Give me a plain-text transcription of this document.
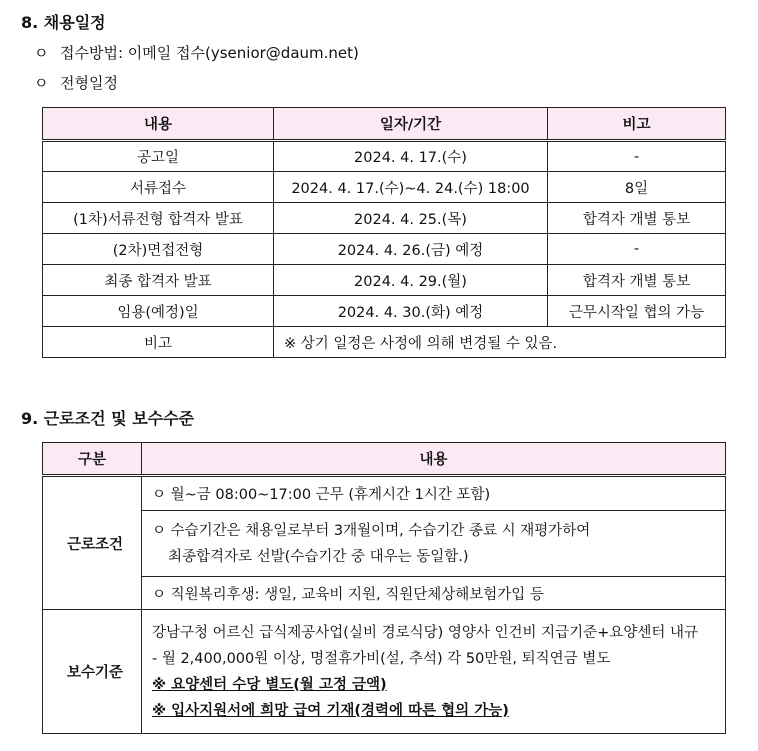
8. 채용일정
ㅇ 접수방법: 이메일 접수(ysenior@daum.net)
ㅇ 전형일정
내용	일자/기간	비고
공고일	2024. 4. 17.(수)	-
서류접수	2024. 4. 17.(수)~4. 24.(수) 18:00	8일
(1차)서류전형 합격자 발표	2024. 4. 25.(목)	합격자 개별 통보
(2차)면접전형	2024. 4. 26.(금) 예정	-
최종 합격자 발표	2024. 4. 29.(월)	합격자 개별 통보
임용(예정)일	2024. 4. 30.(화) 예정	근무시작일 협의 가능
비고	※ 상기 일정은 사정에 의해 변경될 수 있음.	
9. 근로조건 및 보수수준
구분	내용
근로조건	ㅇ 월~금 08:00~17:00 근무 (휴게시간 1시간 포함)

	ㅇ 수습기간은 채용일로부터 3개월이며, 수습기간 종료 시 재평가하여
최종합격자로 선발(수습기간 중 대우는 동일함.)

	ㅇ 직원복리후생: 생일, 교육비 지원, 직원단체상해보험가입 등
보수기준	강남구청 어르신 급식제공사업(실비 경로식당) 영양사 인건비 지급기준+요양센터 내규
- 월 2,400,000원 이상, 명절휴가비(설, 추석) 각 50만원, 퇴직연금 별도
※ 요양센터 수당 별도(월 고정 금액)
※ 입사지원서에 희망 급여 기재(경력에 따른 협의 가능)
